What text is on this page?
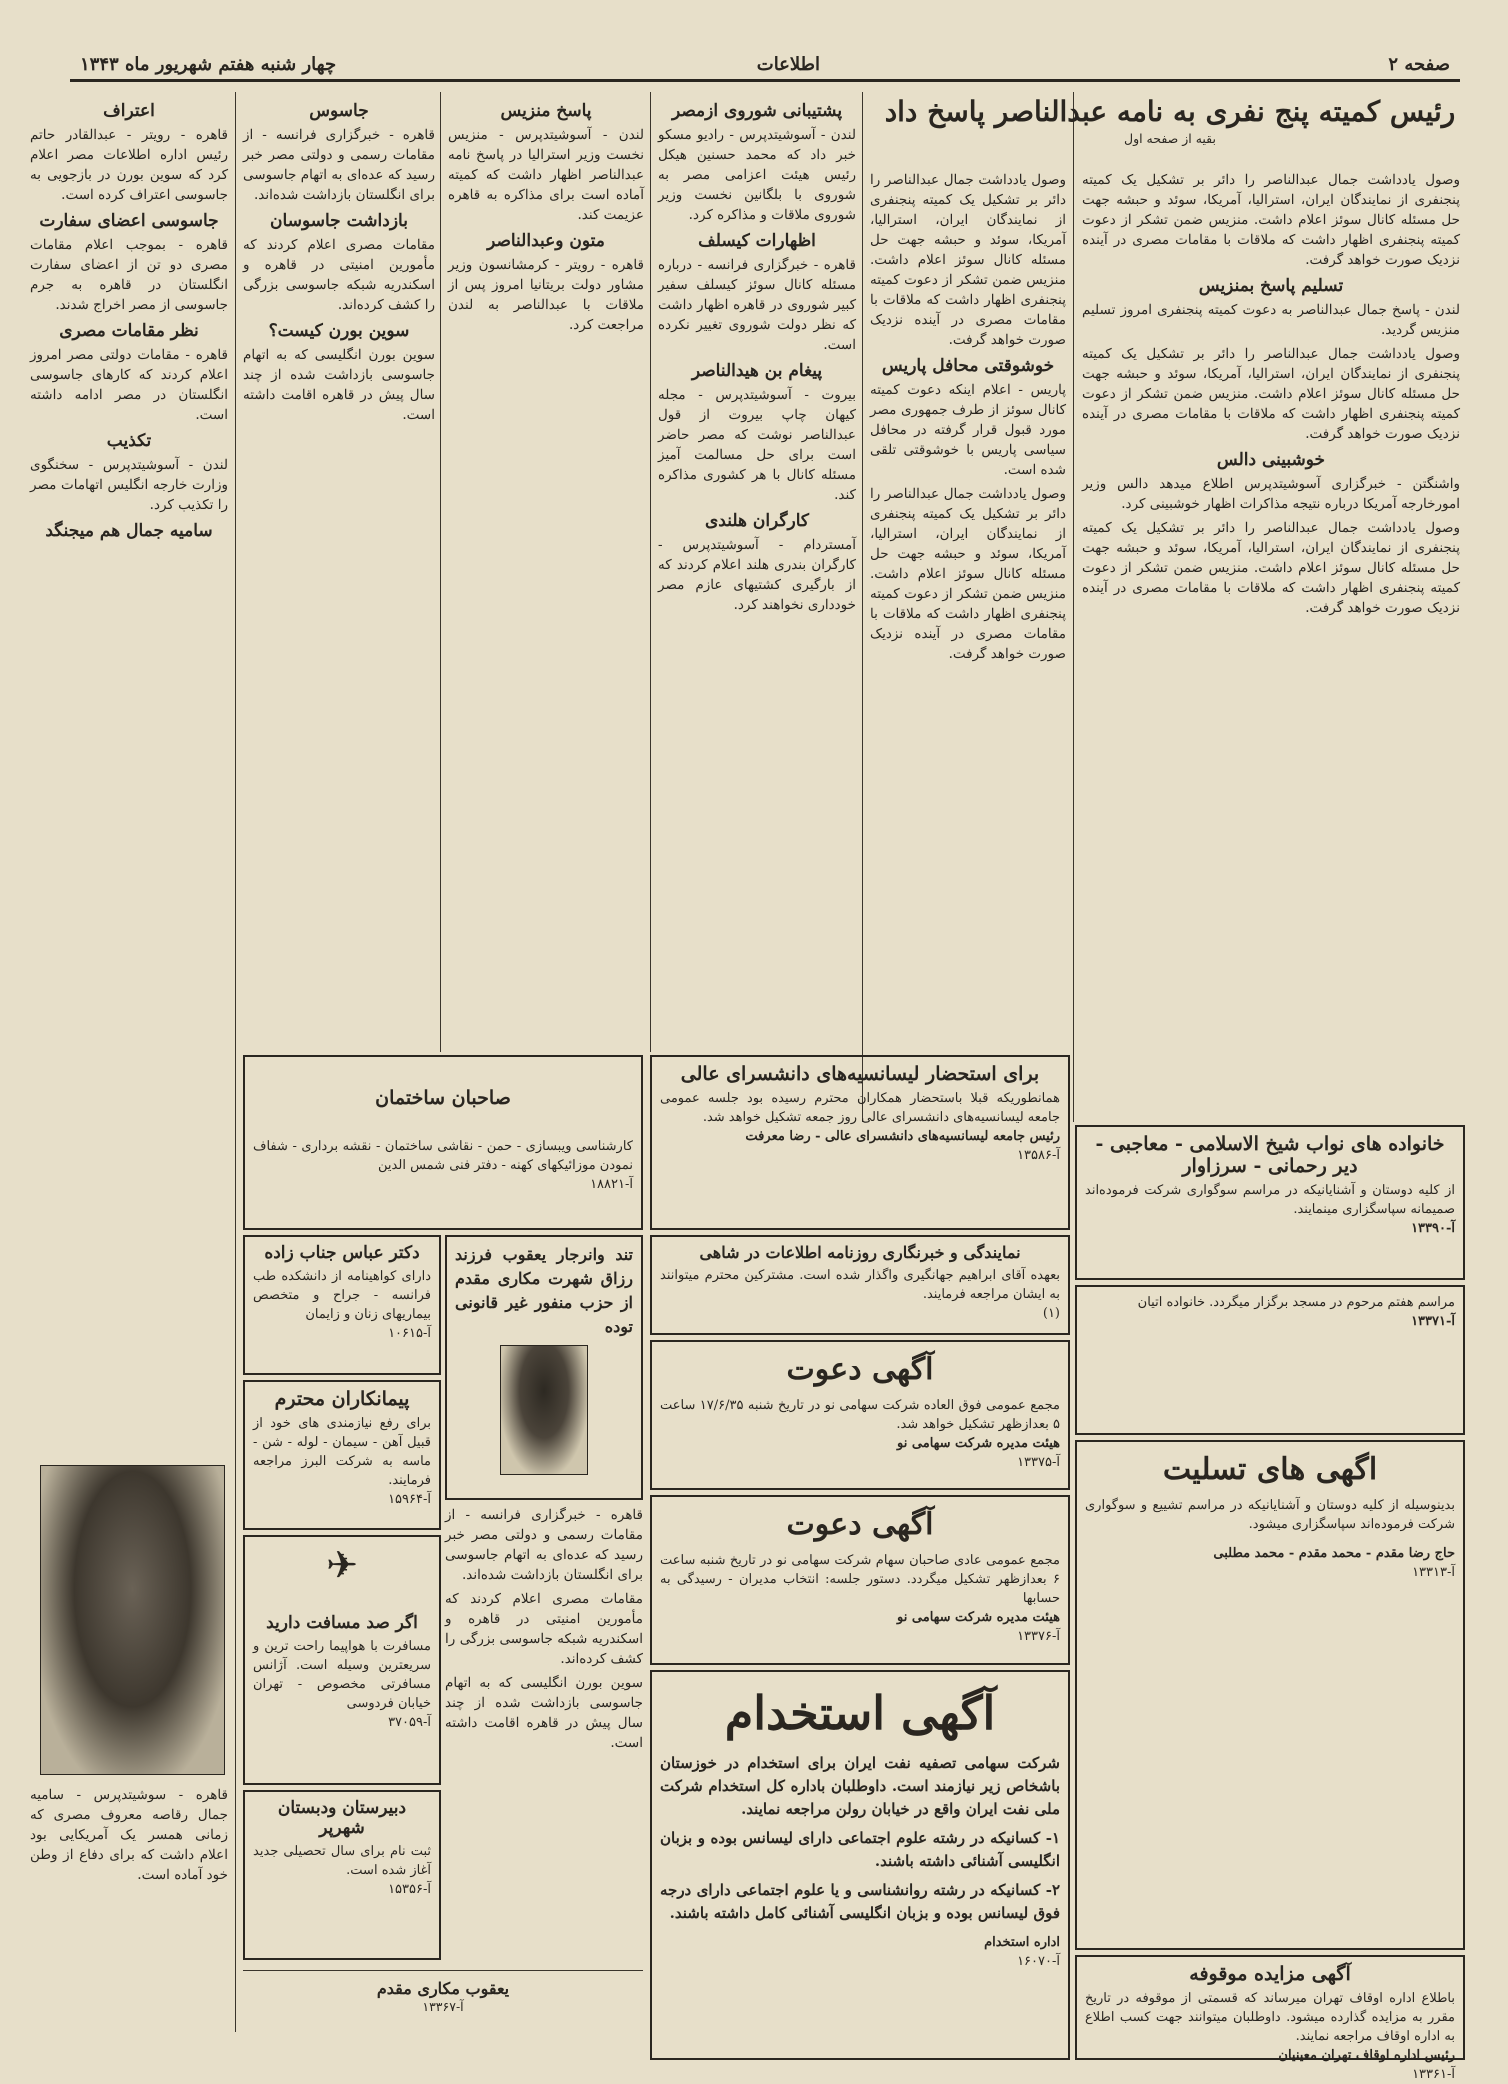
صفحه ۲
اطلاعات
چهار شنبه هفتم شهریور ماه ۱۳۴۳
رئیس کمیته پنج نفری به نامه عبدالناصر پاسخ داد
بقیه از صفحه اول

وصول یادداشت جمال عبدالناصر را دائر بر تشکیل یک کمیته پنجنفری از نمایندگان ایران، استرالیا، آمریکا، سوئد و حبشه جهت حل مسئله کانال سوئز اعلام داشت. منزیس ضمن تشکر از دعوت کمیته پنجنفری اظهار داشت که ملاقات با مقامات مصری در آینده نزدیک صورت خواهد گرفت.

تسلیم پاسخ بمنزیس

لندن - پاسخ جمال عبدالناصر به دعوت کمیته پنجنفری امروز تسلیم منزیس گردید.

وصول یادداشت جمال عبدالناصر را دائر بر تشکیل یک کمیته پنجنفری از نمایندگان ایران، استرالیا، آمریکا، سوئد و حبشه جهت حل مسئله کانال سوئز اعلام داشت. منزیس ضمن تشکر از دعوت کمیته پنجنفری اظهار داشت که ملاقات با مقامات مصری در آینده نزدیک صورت خواهد گرفت.

خوشبینی دالس

واشنگتن - خبرگزاری آسوشیتدپرس اطلاع میدهد دالس وزیر امورخارجه آمریکا درباره نتیجه مذاکرات اظهار خوشبینی کرد.

وصول یادداشت جمال عبدالناصر را دائر بر تشکیل یک کمیته پنجنفری از نمایندگان ایران، استرالیا، آمریکا، سوئد و حبشه جهت حل مسئله کانال سوئز اعلام داشت. منزیس ضمن تشکر از دعوت کمیته پنجنفری اظهار داشت که ملاقات با مقامات مصری در آینده نزدیک صورت خواهد گرفت.

وصول یادداشت جمال عبدالناصر را دائر بر تشکیل یک کمیته پنجنفری از نمایندگان ایران، استرالیا، آمریکا، سوئد و حبشه جهت حل مسئله کانال سوئز اعلام داشت. منزیس ضمن تشکر از دعوت کمیته پنجنفری اظهار داشت که ملاقات با مقامات مصری در آینده نزدیک صورت خواهد گرفت.

خوشوقتی محافل پاریس

پاریس - اعلام اینکه دعوت کمیته کانال سوئز از طرف جمهوری مصر مورد قبول قرار گرفته در محافل سیاسی پاریس با خوشوقتی تلقی شده است.

وصول یادداشت جمال عبدالناصر را دائر بر تشکیل یک کمیته پنجنفری از نمایندگان ایران، استرالیا، آمریکا، سوئد و حبشه جهت حل مسئله کانال سوئز اعلام داشت. منزیس ضمن تشکر از دعوت کمیته پنجنفری اظهار داشت که ملاقات با مقامات مصری در آینده نزدیک صورت خواهد گرفت.

پشتیبانی شوروی ازمصر

لندن - آسوشیتدپرس - رادیو مسکو خبر داد که محمد حسنین هیکل رئیس هیئت اعزامی مصر به شوروی با بلگانین نخست وزیر شوروی ملاقات و مذاکره کرد.

اظهارات کیسلف

قاهره - خبرگزاری فرانسه - درباره مسئله کانال سوئز کیسلف سفیر کبیر شوروی در قاهره اظهار داشت که نظر دولت شوروی تغییر نکرده است.

پیغام بن هیدالناصر

بیروت - آسوشیتدپرس - مجله کیهان چاپ بیروت از قول عبدالناصر نوشت که مصر حاضر است برای حل مسالمت آمیز مسئله کانال با هر کشوری مذاکره کند.

کارگران هلندی

آمستردام - آسوشیتدپرس - کارگران بندری هلند اعلام کردند که از بارگیری کشتیهای عازم مصر خودداری نخواهند کرد.

پاسخ منزیس

لندن - آسوشیتدپرس - منزیس نخست وزیر استرالیا در پاسخ نامه عبدالناصر اظهار داشت که کمیته آماده است برای مذاکره به قاهره عزیمت کند.

متون وعبدالناصر

قاهره - رویتر - کرمشانسون وزیر مشاور دولت بریتانیا امروز پس از ملاقات با عبدالناصر به لندن مراجعت کرد.

جاسوس

قاهره - خبرگزاری فرانسه - از مقامات رسمی و دولتی مصر خبر رسید که عده‌ای به اتهام جاسوسی برای انگلستان بازداشت شده‌اند.

بازداشت جاسوسان

مقامات مصری اعلام کردند که مأمورین امنیتی در قاهره و اسکندریه شبکه جاسوسی بزرگی را کشف کرده‌اند.

سوین بورن کیست؟

سوین بورن انگلیسی که به اتهام جاسوسی بازداشت شده از چند سال پیش در قاهره اقامت داشته است.

اعتراف

قاهره - رویتر - عبدالقادر حاتم رئیس اداره اطلاعات مصر اعلام کرد که سوین بورن در بازجویی به جاسوسی اعتراف کرده است.

جاسوسی اعضای سفارت

قاهره - بموجب اعلام مقامات مصری دو تن از اعضای سفارت انگلستان در قاهره به جرم جاسوسی از مصر اخراج شدند.

نظر مقامات مصری

قاهره - مقامات دولتی مصر امروز اعلام کردند که کارهای جاسوسی انگلستان در مصر ادامه داشته است.

تکذیب

لندن - آسوشیتدپرس - سخنگوی وزارت خارجه انگلیس اتهامات مصر را تکذیب کرد.

سامیه جمال هم میجنگد

قاهره - سوشیتدپرس - سامیه جمال رقاصه معروف مصری که زمانی همسر یک آمریکایی بود اعلام داشت که برای دفاع از وطن خود آماده است.

خانواده های نواب شیخ الاسلامی - معاجبی - دیر رحمانی - سرزاوار

از کلیه دوستان و آشنایانیکه در مراسم سوگواری شرکت فرموده‌اند صمیمانه سپاسگزاری مینمایند.

آ-۱۳۳۹۰

مراسم هفتم مرحوم در مسجد برگزار میگردد. خانواده اتیان

آ-۱۳۳۷۱

اگهی های تسلیت

بدینوسیله از کلیه دوستان و آشنایانیکه در مراسم تشییع و سوگواری شرکت فرموده‌اند سپاسگزاری میشود.

حاج رضا مقدم - محمد مقدم - محمد مطلبی

آ-۱۳۳۱۳

آگهی مزایده موقوفه

باطلاع اداره اوقاف تهران میرساند که قسمتی از موقوفه در تاریخ مقرر به مزایده گذارده میشود. داوطلبان میتوانند جهت کسب اطلاع به اداره اوقاف مراجعه نمایند.

رئیس اداره اوقاف تهران معینیان

آ-۱۳۳۶۱

برای استحضار لیسانسیه‌های دانشسرای عالی

همانطوریکه قبلا باستحضار همکاران محترم رسیده بود جلسه عمومی جامعه لیسانسیه‌های دانشسرای عالی روز جمعه تشکیل خواهد شد.

رئیس جامعه لیسانسیه‌های دانشسرای عالی - رضا معرفت

آ-۱۳۵۸۶

نمایندگی و خبرنگاری روزنامه اطلاعات در شاهی

بعهده آقای ابراهیم جهانگیری واگذار شده است. مشترکین محترم میتوانند به ایشان مراجعه فرمایند.

(۱)

آگهی دعوت

مجمع عمومی فوق العاده شرکت سهامی نو در تاریخ شنبه ۱۷/۶/۳۵ ساعت ۵ بعدازظهر تشکیل خواهد شد.

هیئت مدیره شرکت سهامی نو

آ-۱۳۳۷۵

آگهی دعوت

مجمع عمومی عادی صاحبان سهام شرکت سهامی نو در تاریخ شنبه ساعت ۶ بعدازظهر تشکیل میگردد. دستور جلسه: انتخاب مدیران - رسیدگی به حسابها

هیئت مدیره شرکت سهامی نو

آ-۱۳۳۷۶

آگهی استخدام

شرکت سهامی تصفیه نفت ایران برای استخدام در خوزستان باشخاص زیر نیازمند است. داوطلبان باداره کل استخدام شرکت ملی نفت ایران واقع در خیابان رولن مراجعه نمایند.

۱- کسانیکه در رشته علوم اجتماعی دارای لیسانس بوده و بزبان انگلیسی آشنائی داشته باشند.

۲- کسانیکه در رشته روانشناسی و یا علوم اجتماعی دارای درجه فوق لیسانس بوده و بزبان انگلیسی آشنائی کامل داشته باشند.

اداره استخدام

آ-۱۶۰۷۰

صاحبان ساختمان

کارشناسی ویبسازی - حمن - نقاشی ساختمان - نقشه برداری - شفاف نمودن موزائیکهای کهنه - دفتر فنی شمس الدین

آ-۱۸۸۲۱

تند وانرجار یعقوب فرزند رزاق شهرت مکاری مقدم از حزب منفور غیر قانونی توده

دکتر عباس جناب زاده

دارای کواهینامه از دانشکده طب فرانسه - جراح و متخصص بیماریهای زنان و زایمان

آ-۱۰۶۱۵

پیمانکاران محترم

برای رفع نیازمندی های خود از قبیل آهن - سیمان - لوله - شن - ماسه به شرکت البرز مراجعه فرمایند.

آ-۱۵۹۶۴

قاهره - خبرگزاری فرانسه - از مقامات رسمی و دولتی مصر خبر رسید که عده‌ای به اتهام جاسوسی برای انگلستان بازداشت شده‌اند.

مقامات مصری اعلام کردند که مأمورین امنیتی در قاهره و اسکندریه شبکه جاسوسی بزرگی را کشف کرده‌اند.

سوین بورن انگلیسی که به اتهام جاسوسی بازداشت شده از چند سال پیش در قاهره اقامت داشته است.

✈
اگر صد مسافت دارید

مسافرت با هواپیما راحت ترین و سریعترین وسیله است. آژانس مسافرتی مخصوص - تهران خیابان فردوسی

آ-۳۷۰۵۹

دبیرستان ودبستان شهرپر

ثبت نام برای سال تحصیلی جدید آغاز شده است.

آ-۱۵۳۵۶

یعقوب مکاری مقدم

آ-۱۳۳۶۷
